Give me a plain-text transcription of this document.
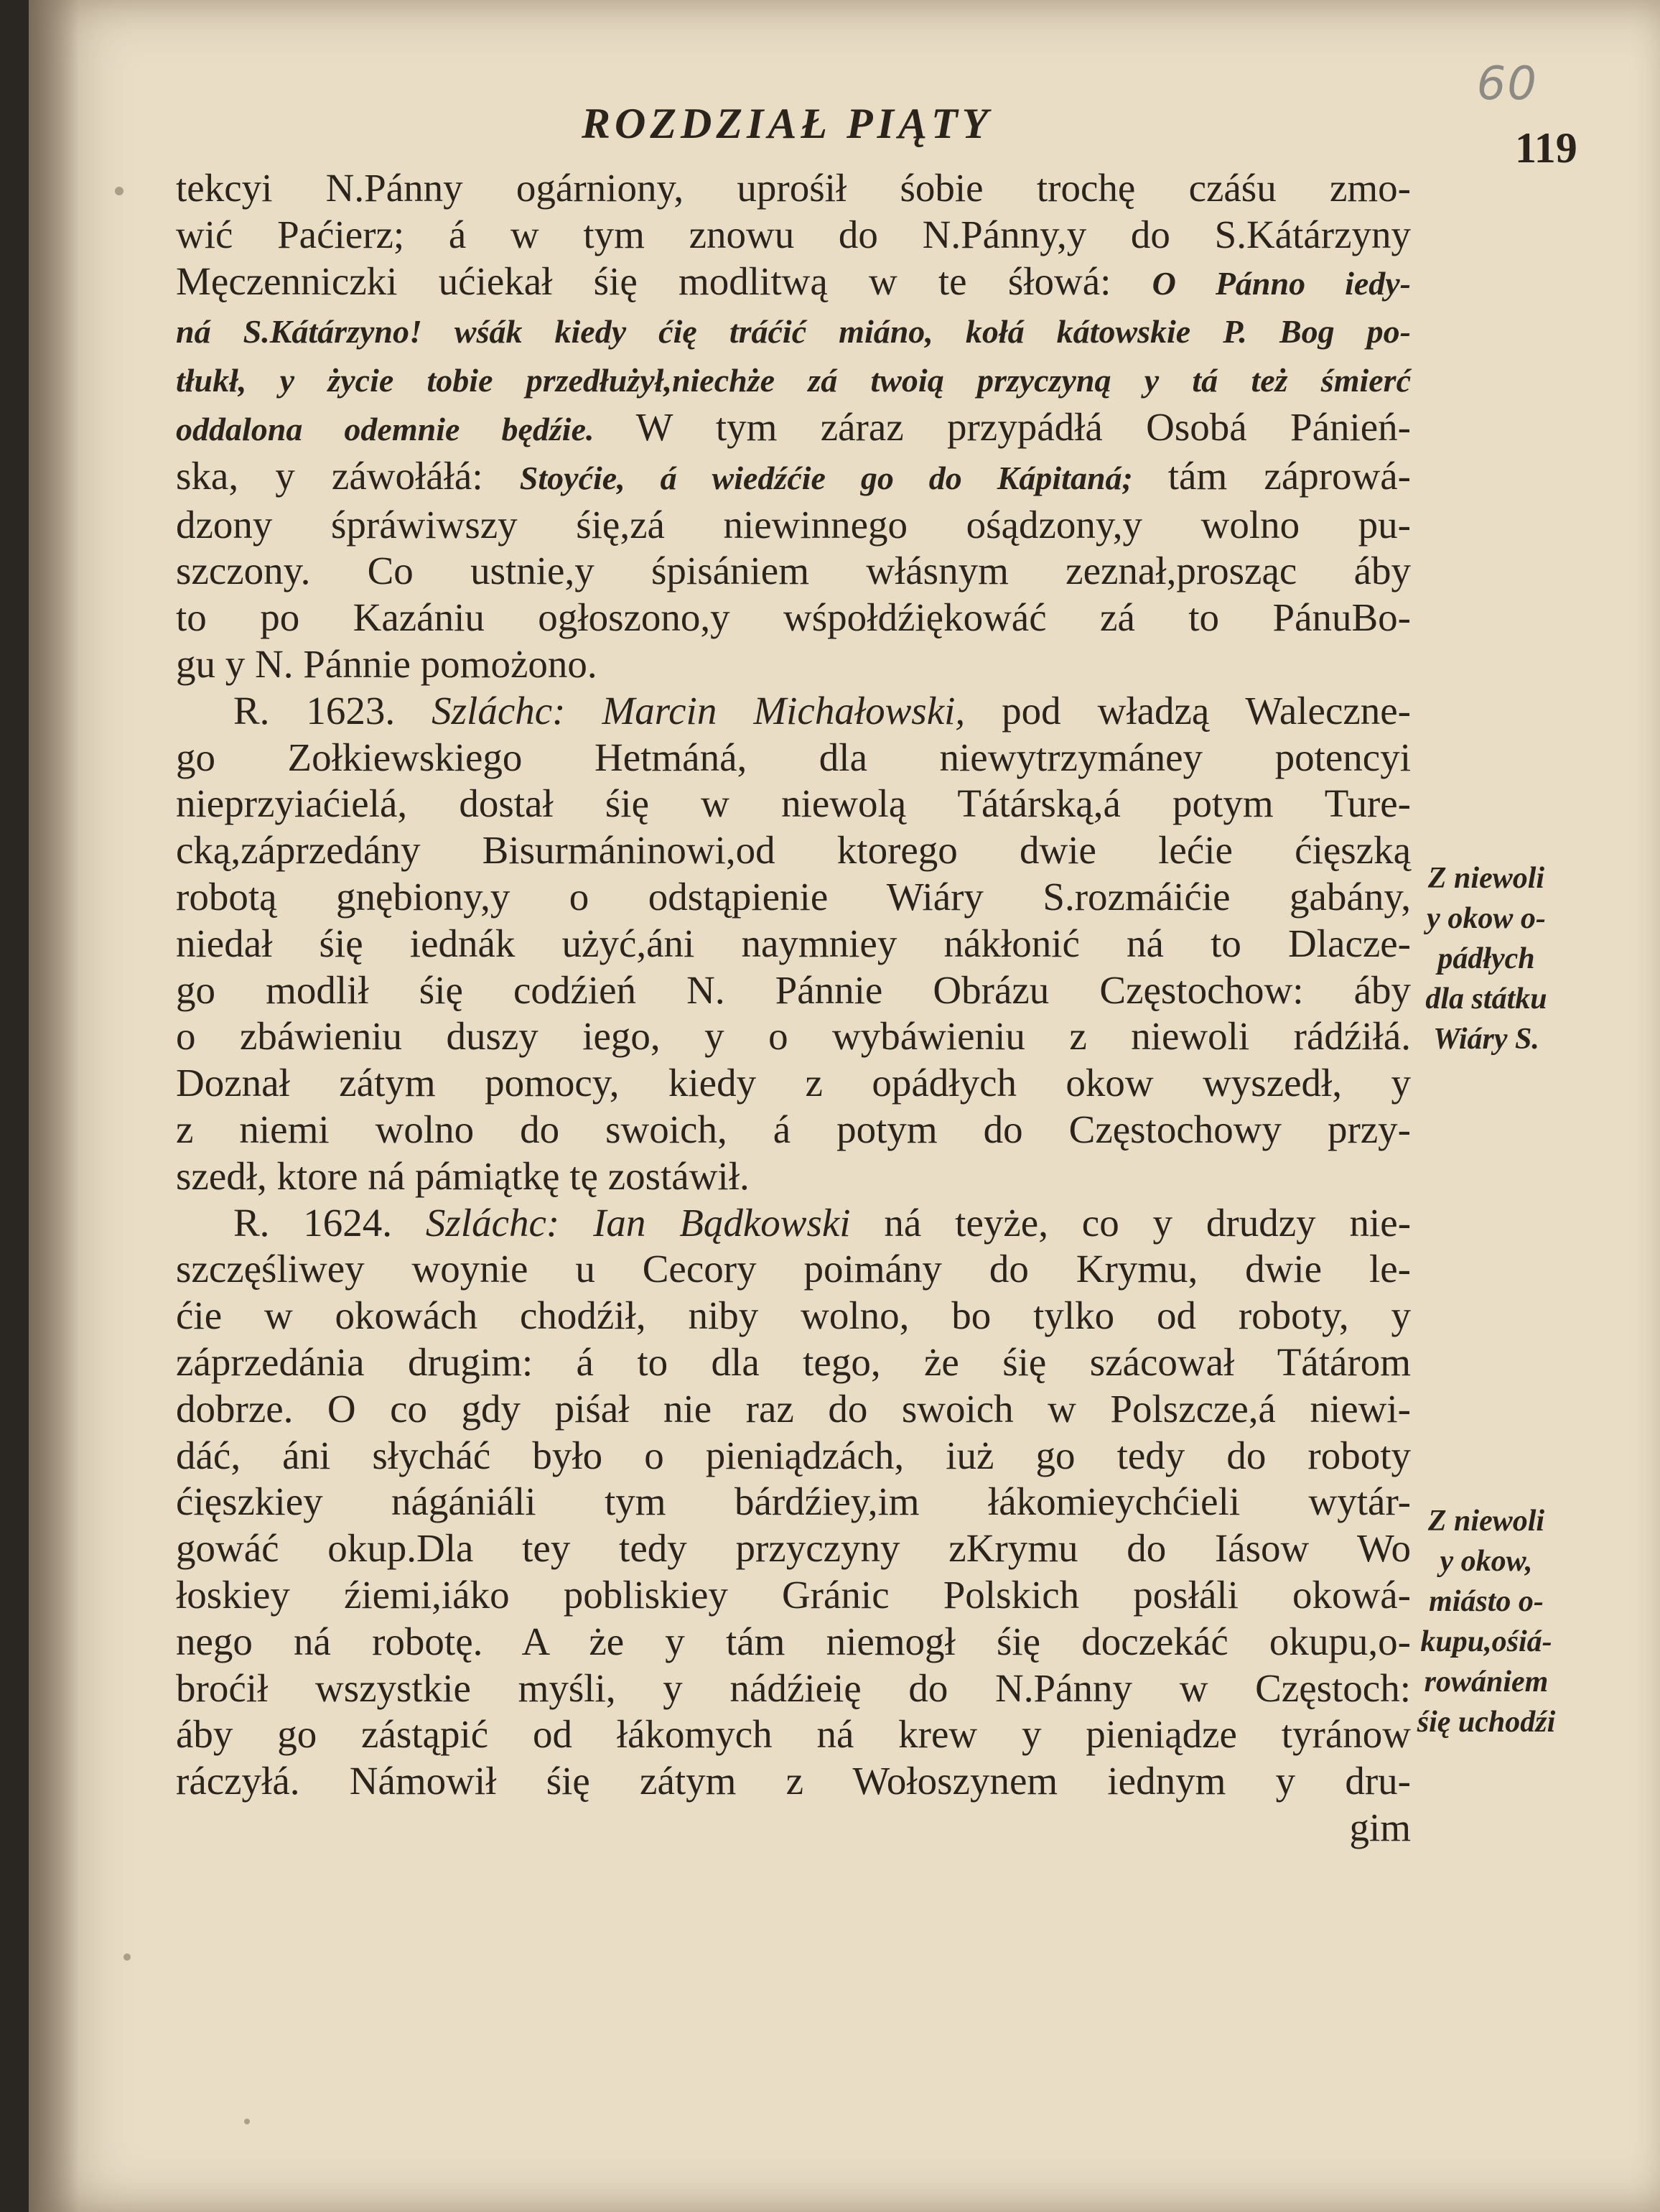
60
ROZDZIAŁ PIĄTY
119
tekcyi N.Pánny ogárniony, uprośił śobie trochę czáśu zmo-
wić Paćierz; á w tym znowu do N.Pánny,y do S.Kátárzyny
Męczenniczki ućiekał śię modlitwą w te śłowá: O Pánno iedy-
ná S.Kátárzyno! wśák kiedy ćię tráćić miáno, kołá kátowskie P. Bog po-
tłukł, y życie tobie przedłużył,niechże zá twoią przyczyną y tá też śmierć
oddalona odemnie będźie. W tym záraz przypádłá Osobá Pánień-
ska, y záwołáłá: Stoyćie, á wiedźćie go do Kápitaná; tám záprowá-
dzony śpráwiwszy śię,zá niewinnego ośądzony,y wolno pu-
szczony. Co ustnie,y śpisániem włásnym zeznał,prosząc áby
to po Kazániu ogłoszono,y wśpołdźiękowáć zá to PánuBo-
gu y N. Pánnie pomożono.
R. 1623. Szláchc: Marcin Michałowski, pod władzą Waleczne-
go Zołkiewskiego Hetmáná, dla niewytrzymáney potencyi
nieprzyiaćielá, dostał śię w niewolą Tátárską,á potym Ture-
cką,záprzedány Bisurmáninowi,od ktorego dwie lećie ćięszką
robotą gnębiony,y o odstąpienie Wiáry S.rozmáićie gabány,
niedał śię iednák użyć,áni naymniey nákłonić ná to Dlacze-
go modlił śię codźień N. Pánnie Obrázu Częstochow: áby
o zbáwieniu duszy iego, y o wybáwieniu z niewoli rádźiłá.
Doznał zátym pomocy, kiedy z opádłych okow wyszedł, y
z niemi wolno do swoich, á potym do Częstochowy przy-
szedł, ktore ná pámiątkę tę zostáwił.
R. 1624. Szláchc: Ian Bądkowski ná teyże, co y drudzy nie-
szczęśliwey woynie u Cecory poimány do Krymu, dwie le-
ćie w okowách chodźił, niby wolno, bo tylko od roboty, y
záprzedánia drugim: á to dla tego, że śię szácował Tátárom
dobrze. O co gdy piśał nie raz do swoich w Polszcze,á niewi-
dáć, áni słycháć było o pieniądzách, iuż go tedy do roboty
ćięszkiey nágániáli tym bárdźiey,im łákomieychćieli wytár-
gowáć okup.Dla tey tedy przyczyny zKrymu do Iásow Wo
łoskiey źiemi,iáko pobliskiey Gránic Polskich posłáli okowá-
nego ná robotę. A że y tám niemogł śię doczekáć okupu,o-
broćił wszystkie myśli, y nádźieię do N.Pánny w Częstoch:
áby go zástąpić od łákomych ná krew y pieniądze tyránow
ráczyłá. Námowił śię zátym z Wołoszynem iednym y dru-
gim
Z niewoli
y okow o-
pádłych
dla státku
Wiáry S.
Z niewoli
y okow,
miásto o-
kupu,ośiá-
rowániem
śię uchodźi
